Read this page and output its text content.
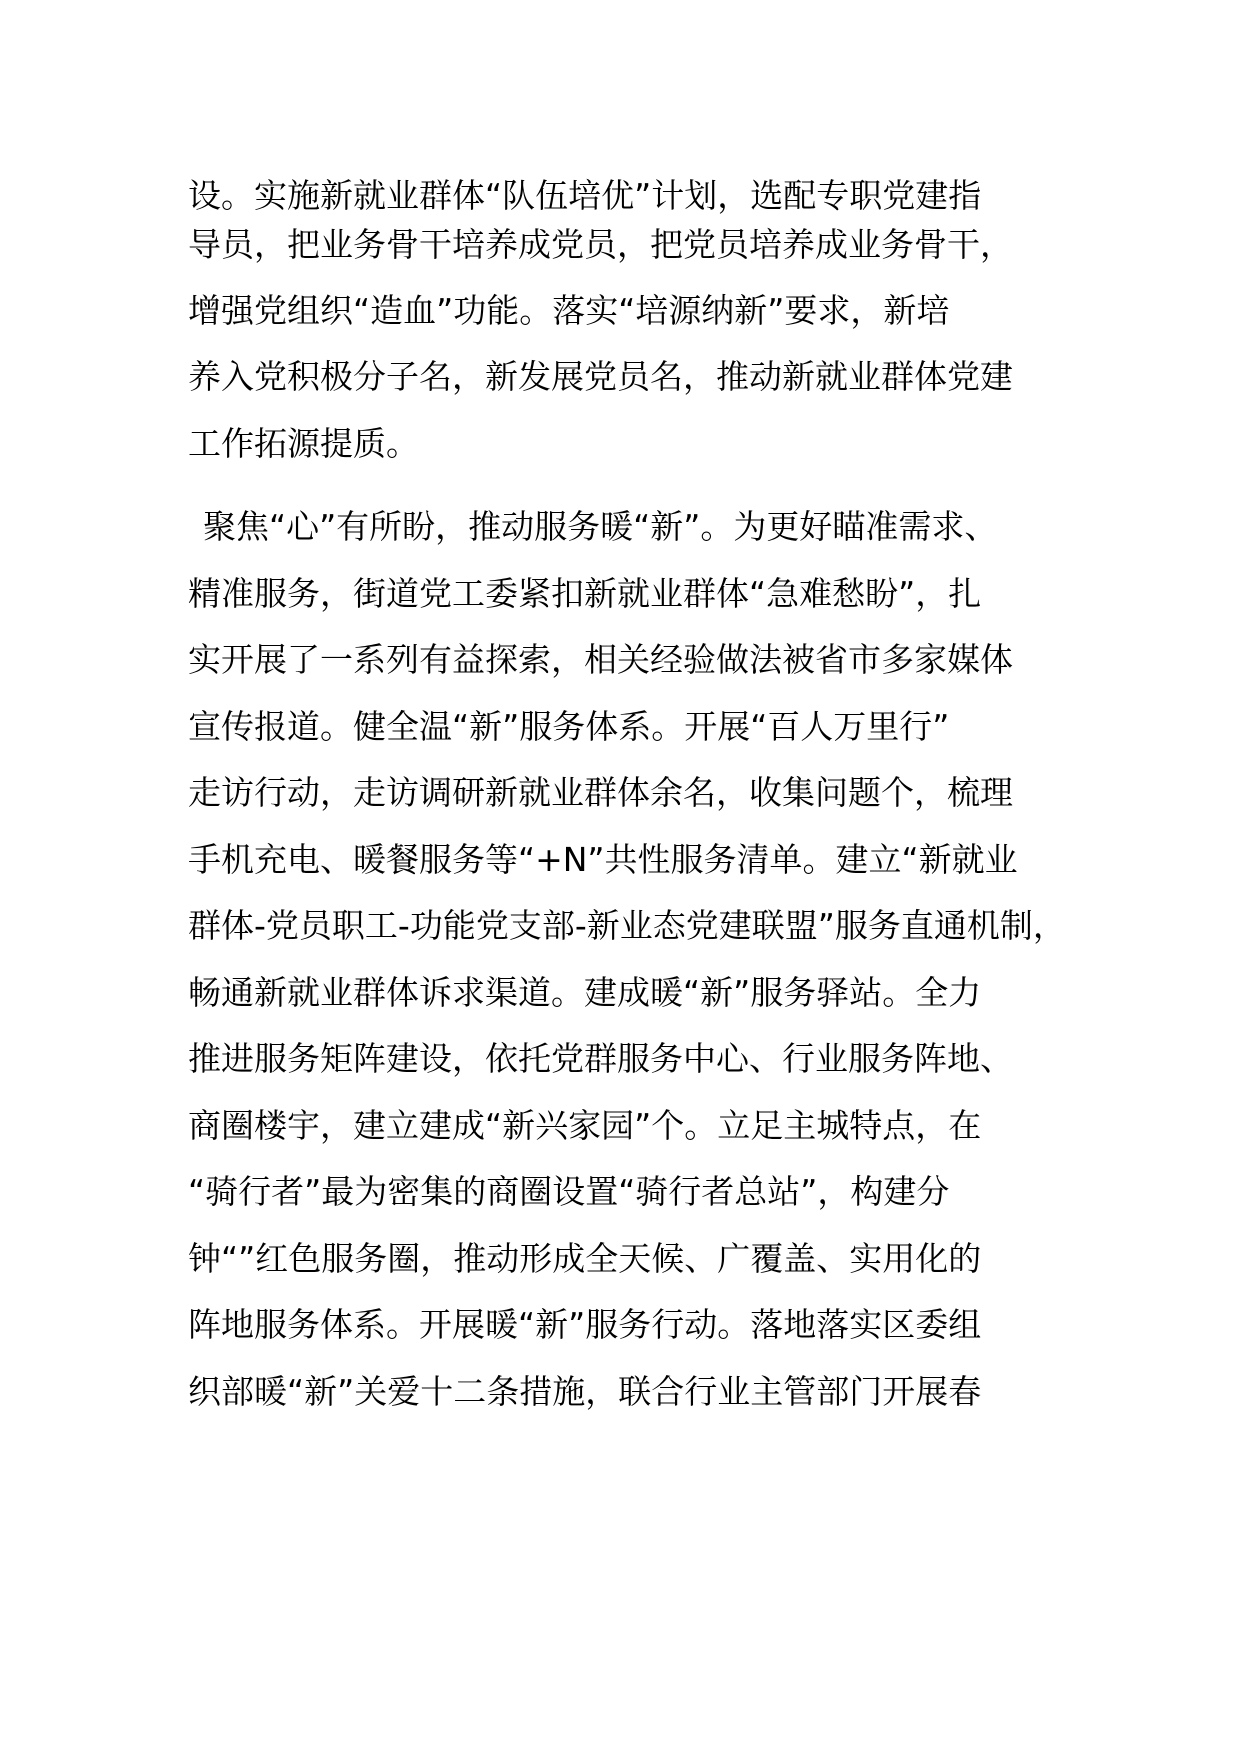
设。实施新就业群体“队伍培优”计划，选配专职党建指

导员，把业务骨干培养成党员，把党员培养成业务骨干，

增强党组织“造血”功能。落实“培源纳新”要求，新培

养入党积极分子名，新发展党员名，推动新就业群体党建

工作拓源提质。

聚焦“心”有所盼，推动服务暖“新”。为更好瞄准需求、

精准服务，街道党工委紧扣新就业群体“急难愁盼”，扎

实开展了一系列有益探索，相关经验做法被省市多家媒体

宣传报道。健全温“新”服务体系。开展“百人万里行”

走访行动，走访调研新就业群体余名，收集问题个，梳理

手机充电、暖餐服务等“+N”共性服务清单。建立“新就业

群体-党员职工-功能党支部-新业态党建联盟”服务直通机制，

畅通新就业群体诉求渠道。建成暖“新”服务驿站。全力

推进服务矩阵建设，依托党群服务中心、行业服务阵地、

商圈楼宇，建立建成“新兴家园”个。立足主城特点，在

“骑行者”最为密集的商圈设置“骑行者总站”，构建分

钟“”红色服务圈，推动形成全天候、广覆盖、实用化的

阵地服务体系。开展暖“新”服务行动。落地落实区委组

织部暖“新”关爱十二条措施，联合行业主管部门开展春
